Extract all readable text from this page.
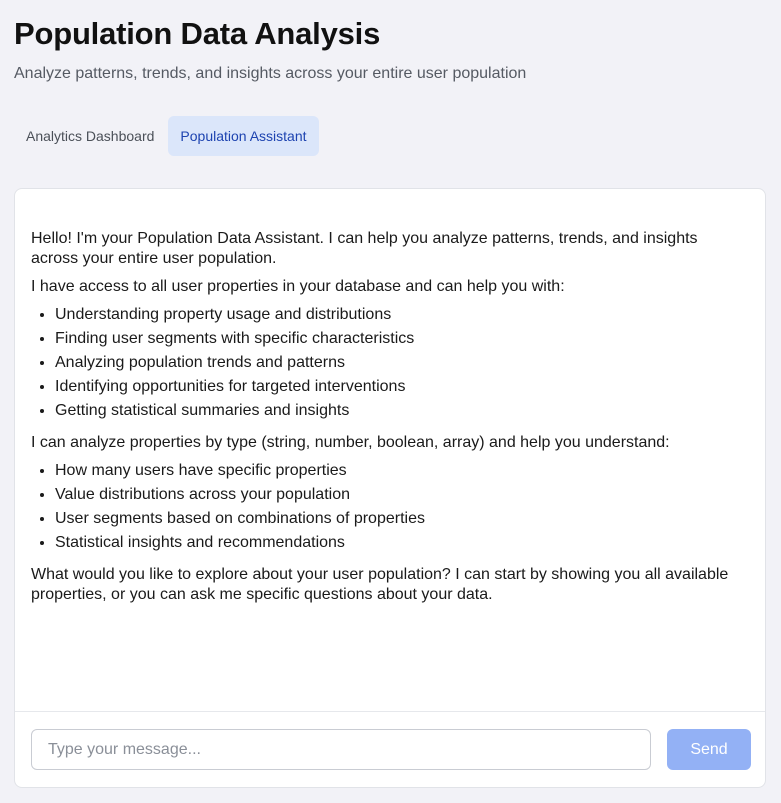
Population Data Analysis

Analyze patterns, trends, and insights across your entire user population

Analytics Dashboard	Population Assistant

Hello! I'm your Population Data Assistant. I can help you analyze patterns, trends, and insights across your entire user population.

I have access to all user properties in your database and can help you with:

• Understanding property usage and distributions
• Finding user segments with specific characteristics
• Analyzing population trends and patterns
• Identifying opportunities for targeted interventions
• Getting statistical summaries and insights

I can analyze properties by type (string, number, boolean, array) and help you understand:

• How many users have specific properties
• Value distributions across your population
• User segments based on combinations of properties
• Statistical insights and recommendations

What would you like to explore about your user population? I can start by showing you all available properties, or you can ask me specific questions about your data.

Type your message...
Send
